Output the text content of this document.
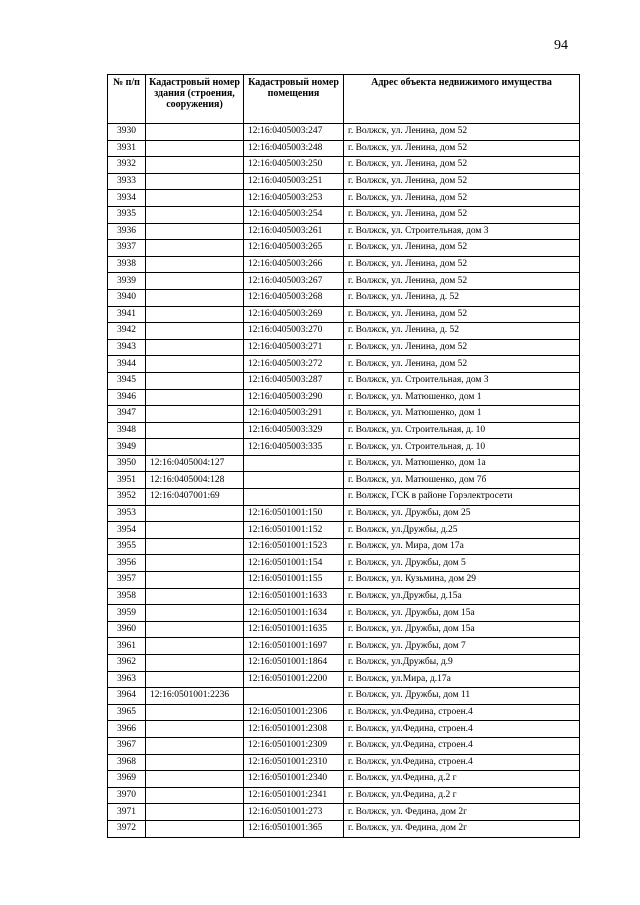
94
№ п/п	Кадастровый номер здания (строения, сооружения)	Кадастровый номер помещения	Адрес объекта недвижимого имущества
3930		12:16:0405003:247	г. Волжск, ул. Ленина, дом 52
3931		12:16:0405003:248	г. Волжск, ул. Ленина, дом 52
3932		12:16:0405003:250	г. Волжск, ул. Ленина, дом 52
3933		12:16:0405003:251	г. Волжск, ул. Ленина, дом 52
3934		12:16:0405003:253	г. Волжск, ул. Ленина, дом 52
3935		12:16:0405003:254	г. Волжск, ул. Ленина, дом 52
3936		12:16:0405003:261	г. Волжск, ул. Строительная, дом 3
3937		12:16:0405003:265	г. Волжск, ул. Ленина, дом 52
3938		12:16:0405003:266	г. Волжск, ул. Ленина, дом 52
3939		12:16:0405003:267	г. Волжск, ул. Ленина, дом 52
3940		12:16:0405003:268	г. Волжск, ул. Ленина, д. 52
3941		12:16:0405003:269	г. Волжск, ул. Ленина, дом 52
3942		12:16:0405003:270	г. Волжск, ул. Ленина, д. 52
3943		12:16:0405003:271	г. Волжск, ул. Ленина, дом 52
3944		12:16:0405003:272	г. Волжск, ул. Ленина, дом 52
3945		12:16:0405003:287	г. Волжск, ул. Строительная, дом 3
3946		12:16:0405003:290	г. Волжск, ул. Матюшенко, дом 1
3947		12:16:0405003:291	г. Волжск, ул. Матюшенко, дом 1
3948		12:16:0405003:329	г. Волжск, ул. Строительная, д. 10
3949		12:16:0405003:335	г. Волжск, ул. Строительная, д. 10
3950	12:16:0405004:127		г. Волжск, ул. Матюшенко, дом 1а
3951	12:16:0405004:128		г. Волжск, ул. Матюшенко, дом 7б
3952	12:16:0407001:69		г. Волжск, ГСК в районе Горэлектросети
3953		12:16:0501001:150	г. Волжск, ул. Дружбы, дом 25
3954		12:16:0501001:152	г. Волжск, ул.Дружбы, д.25
3955		12:16:0501001:1523	г. Волжск, ул. Мира, дом 17а
3956		12:16:0501001:154	г. Волжск, ул. Дружбы, дом 5
3957		12:16:0501001:155	г. Волжск, ул. Кузьмина, дом 29
3958		12:16:0501001:1633	г. Волжск, ул.Дружбы, д.15а
3959		12:16:0501001:1634	г. Волжск, ул. Дружбы, дом 15а
3960		12:16:0501001:1635	г. Волжск, ул. Дружбы, дом 15а
3961		12:16:0501001:1697	г. Волжск, ул. Дружбы, дом 7
3962		12:16:0501001:1864	г. Волжск, ул.Дружбы, д.9
3963		12:16:0501001:2200	г. Волжск, ул.Мира, д.17а
3964	12:16:0501001:2236		г. Волжск, ул. Дружбы, дом 11
3965		12:16:0501001:2306	г. Волжск, ул.Федина, строен.4
3966		12:16:0501001:2308	г. Волжск, ул.Федина, строен.4
3967		12:16:0501001:2309	г. Волжск, ул.Федина, строен.4
3968		12:16:0501001:2310	г. Волжск, ул.Федина, строен.4
3969		12:16:0501001:2340	г. Волжск, ул.Федина, д.2 г
3970		12:16:0501001:2341	г. Волжск, ул.Федина, д.2 г
3971		12:16:0501001:273	г. Волжск, ул. Федина, дом 2г
3972		12:16:0501001:365	г. Волжск, ул. Федина, дом 2г
